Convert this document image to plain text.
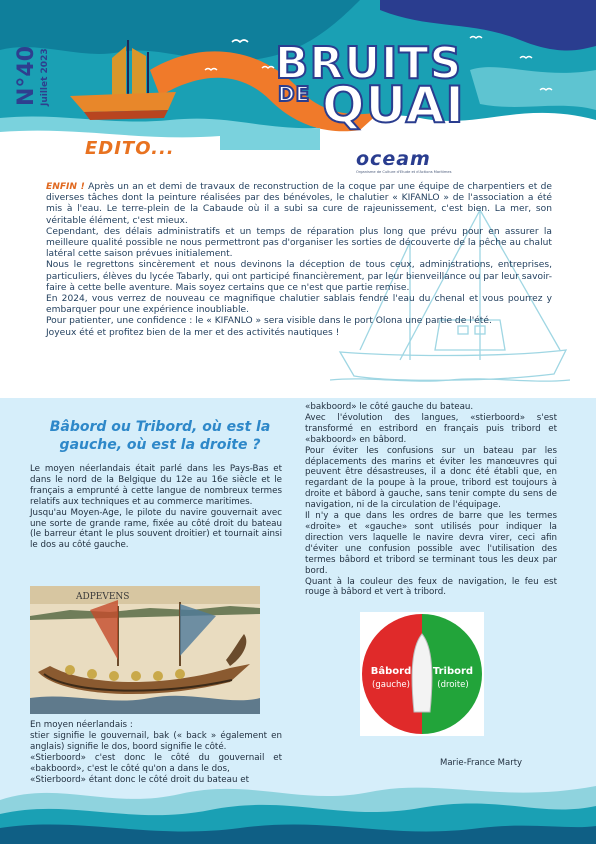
N°40 Juillet 2023	BRUITS
DE QUAI
oceam
Organisme de Culture d'Etude et d'Actions Maritimes
EDITO...

ENFIN ! Après un an et demi de travaux de reconstruction de la coque par une équipe de charpentiers et de diverses tâches dont la peinture réalisées par des bénévoles, le chalutier « KIFANLO » de l'association a été mis à l'eau. Le terre-plein de la Cabaude où il a subi sa cure de rajeunissement, c'est bien. La mer, son véritable élément, c'est mieux.

Cependant, des délais administratifs et un temps de réparation plus long que prévu pour en assurer la meilleure qualité possible ne nous permettront pas d'organiser les sorties de découverte de la pêche au chalut latéral cette saison prévues initialement.

Nous le regrettons sincèrement et nous devinons la déception de tous ceux, administrations, entreprises, particuliers, élèves du lycée Tabarly, qui ont participé financièrement, par leur bienveillance ou par leur savoir-faire à cette belle aventure. Mais soyez certains que ce n'est que partie remise.

En 2024, vous verrez de nouveau ce magnifique chalutier sablais fendre l'eau du chenal et vous pourrez y embarquer pour une expérience inoubliable.

Pour patienter, une confidence : le « KIFANLO » sera visible dans le port Olona une partie de l'été.

Joyeux été et profitez bien de la mer et des activités nautiques !

Bâbord ou Tribord, où est la gauche, où est la droite ?

Le moyen néerlandais était parlé dans les Pays-Bas et dans le nord de la Belgique du 12e au 16e siècle et le français a emprunté à cette langue de nombreux termes relatifs aux techniques et au commerce maritimes.

Jusqu'au Moyen-Age, le pilote du navire gouvernait avec une sorte de grande rame, fixée au côté droit du bateau (le barreur étant le plus souvent droitier) et tournait ainsi le dos au côté gauche.

ADPEVENS

En moyen néerlandais :

stier signifie le gouvernail, bak (« back » également en anglais) signifie le dos, boord signifie le côté.

«Stierboord» c'est donc le côté du gouvernail et «bakboord», c'est le côté qu'on a dans le dos,

«Stierboord» étant donc le côté droit du bateau et

«bakboord» le côté gauche du bateau.

Avec l'évolution des langues, «stierboord» s'est transformé en estribord en français puis tribord et «bakboord» en bâbord.

Pour éviter les confusions sur un bateau par les déplacements des marins et éviter les manœuvres qui peuvent être désastreuses, il a donc été établi que, en regardant de la poupe à la proue, tribord est toujours à droite et bâbord à gauche, sans tenir compte du sens de navigation, ni de la circulation de l'équipage.

Il n'y a que dans les ordres de barre que les termes «droite» et «gauche» sont utilisés pour indiquer la direction vers laquelle le navire devra virer, ceci afin d'éviter une confusion possible avec l'utilisation des termes bâbord et tribord se terminant tous les deux par bord.

Quant à la couleur des feux de navigation, le feu est rouge à bâbord et vert à tribord.

Bâbord
(gauche)
Tribord
(droite)
Marie-France Marty
